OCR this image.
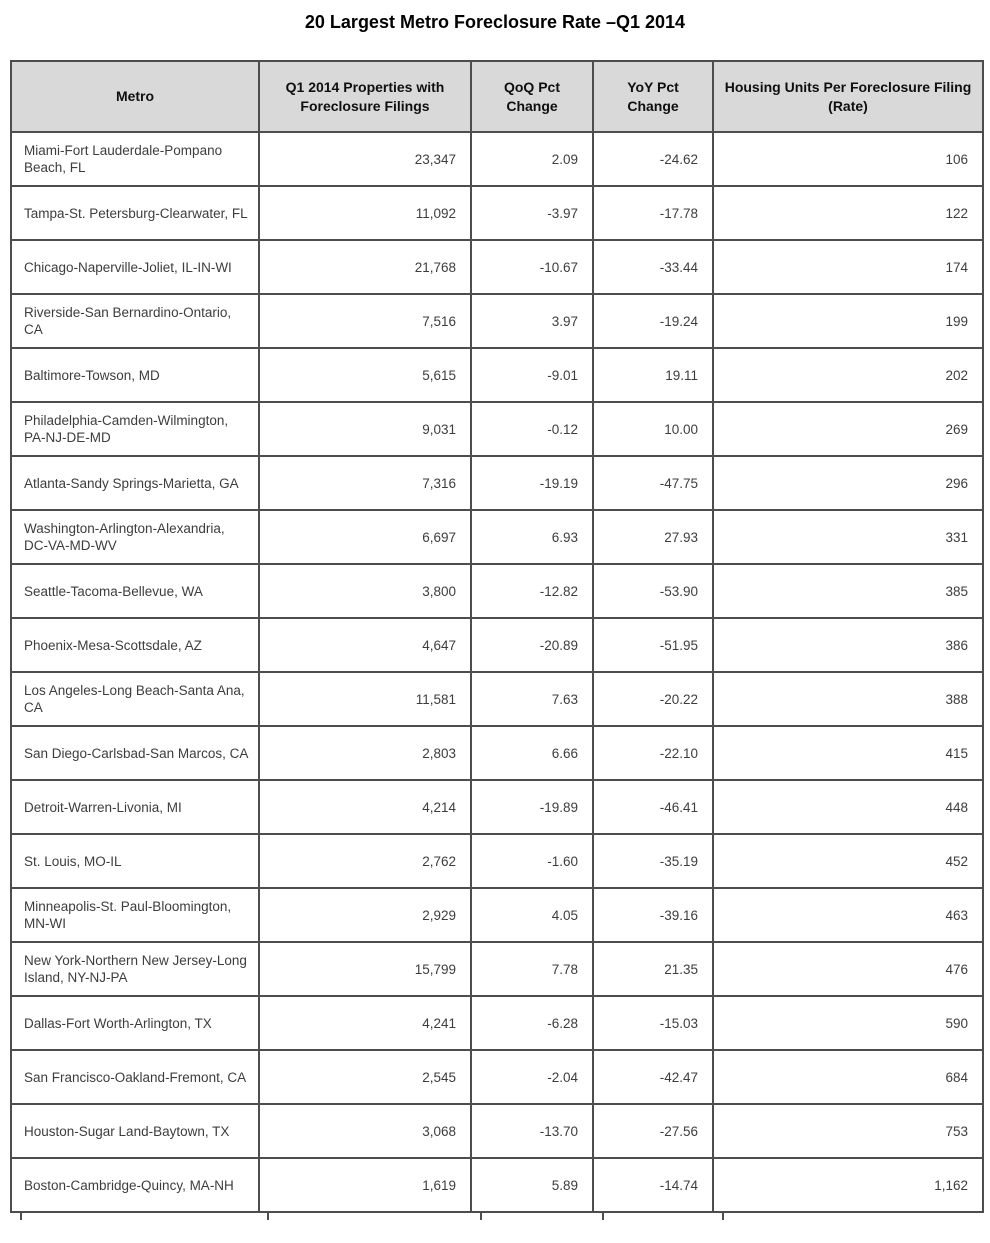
20 Largest Metro Foreclosure Rate –Q1 2014
Metro	Q1 2014 Properties with Foreclosure Filings	QoQ Pct Change	YoY Pct Change	Housing Units Per Foreclosure Filing (Rate)
Miami-Fort Lauderdale-Pompano Beach, FL	23,347	2.09	-24.62	106
Tampa-St. Petersburg-Clearwater, FL	11,092	-3.97	-17.78	122
Chicago-Naperville-Joliet, IL-IN-WI	21,768	-10.67	-33.44	174
Riverside-San Bernardino-Ontario, CA	7,516	3.97	-19.24	199
Baltimore-Towson, MD	5,615	-9.01	19.11	202
Philadelphia-Camden-Wilmington, PA-NJ-DE-MD	9,031	-0.12	10.00	269
Atlanta-Sandy Springs-Marietta, GA	7,316	-19.19	-47.75	296
Washington-Arlington-Alexandria, DC-VA-MD-WV	6,697	6.93	27.93	331
Seattle-Tacoma-Bellevue, WA	3,800	-12.82	-53.90	385
Phoenix-Mesa-Scottsdale, AZ	4,647	-20.89	-51.95	386
Los Angeles-Long Beach-Santa Ana, CA	11,581	7.63	-20.22	388
San Diego-Carlsbad-San Marcos, CA	2,803	6.66	-22.10	415
Detroit-Warren-Livonia, MI	4,214	-19.89	-46.41	448
St. Louis, MO-IL	2,762	-1.60	-35.19	452
Minneapolis-St. Paul-Bloomington, MN-WI	2,929	4.05	-39.16	463
New York-Northern New Jersey-Long Island, NY-NJ-PA	15,799	7.78	21.35	476
Dallas-Fort Worth-Arlington, TX	4,241	-6.28	-15.03	590
San Francisco-Oakland-Fremont, CA	2,545	-2.04	-42.47	684
Houston-Sugar Land-Baytown, TX	3,068	-13.70	-27.56	753
Boston-Cambridge-Quincy, MA-NH	1,619	5.89	-14.74	1,162
